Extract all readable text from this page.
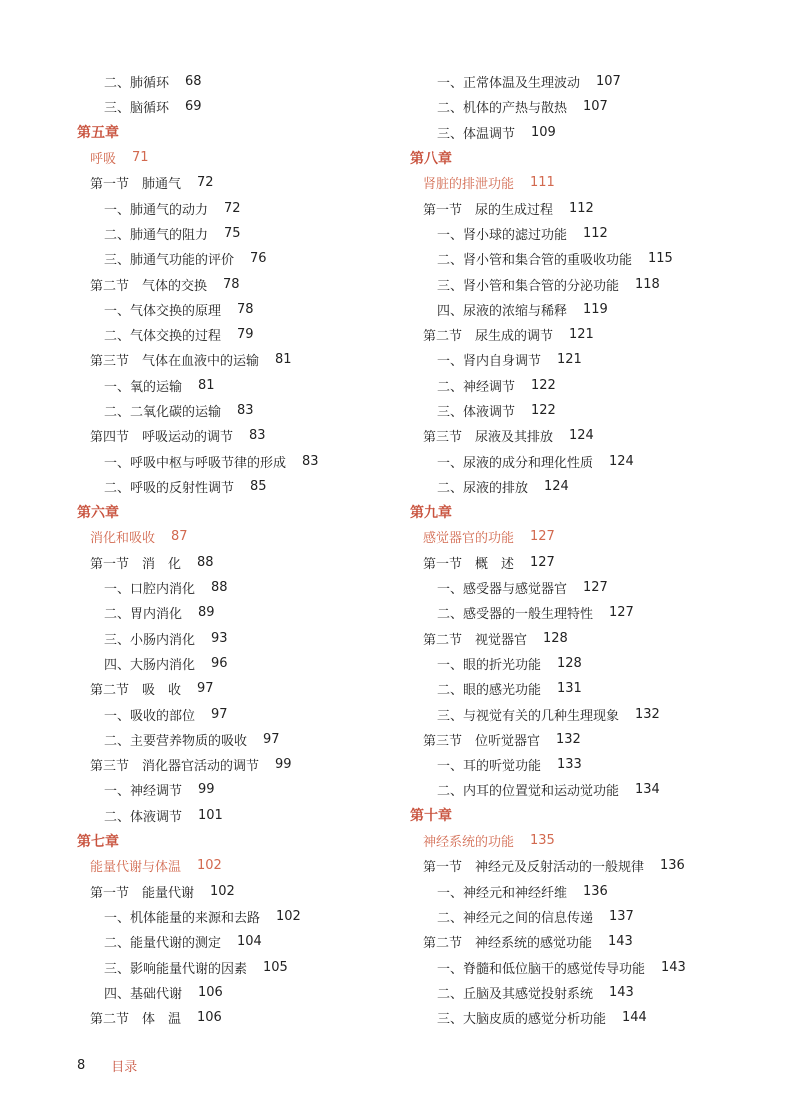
二、肺循环 68
三、脑循环 69
第五章
呼吸 71
第一节　肺通气 72
一、肺通气的动力 72
二、肺通气的阻力 75
三、肺通气功能的评价 76
第二节　气体的交换 78
一、气体交换的原理 78
二、气体交换的过程 79
第三节　气体在血液中的运输 81
一、氧的运输 81
二、二氧化碳的运输 83
第四节　呼吸运动的调节 83
一、呼吸中枢与呼吸节律的形成 83
二、呼吸的反射性调节 85
第六章
消化和吸收 87
第一节　消　化 88
一、口腔内消化 88
二、胃内消化 89
三、小肠内消化 93
四、大肠内消化 96
第二节　吸　收 97
一、吸收的部位 97
二、主要营养物质的吸收 97
第三节　消化器官活动的调节 99
一、神经调节 99
二、体液调节 101
第七章
能量代谢与体温 102
第一节　能量代谢 102
一、机体能量的来源和去路 102
二、能量代谢的测定 104
三、影响能量代谢的因素 105
四、基础代谢 106
第二节　体　温 106
一、正常体温及生理波动 107
二、机体的产热与散热 107
三、体温调节 109
第八章
肾脏的排泄功能 111
第一节　尿的生成过程 112
一、肾小球的滤过功能 112
二、肾小管和集合管的重吸收功能 115
三、肾小管和集合管的分泌功能 118
四、尿液的浓缩与稀释 119
第二节　尿生成的调节 121
一、肾内自身调节 121
二、神经调节 122
三、体液调节 122
第三节　尿液及其排放 124
一、尿液的成分和理化性质 124
二、尿液的排放 124
第九章
感觉器官的功能 127
第一节　概　述 127
一、感受器与感觉器官 127
二、感受器的一般生理特性 127
第二节　视觉器官 128
一、眼的折光功能 128
二、眼的感光功能 131
三、与视觉有关的几种生理现象 132
第三节　位听觉器官 132
一、耳的听觉功能 133
二、内耳的位置觉和运动觉功能 134
第十章
神经系统的功能 135
第一节　神经元及反射活动的一般规律 136
一、神经元和神经纤维 136
二、神经元之间的信息传递 137
第二节　神经系统的感觉功能 143
一、脊髓和低位脑干的感觉传导功能 143
二、丘脑及其感觉投射系统 143
三、大脑皮质的感觉分析功能 144
8 目录
